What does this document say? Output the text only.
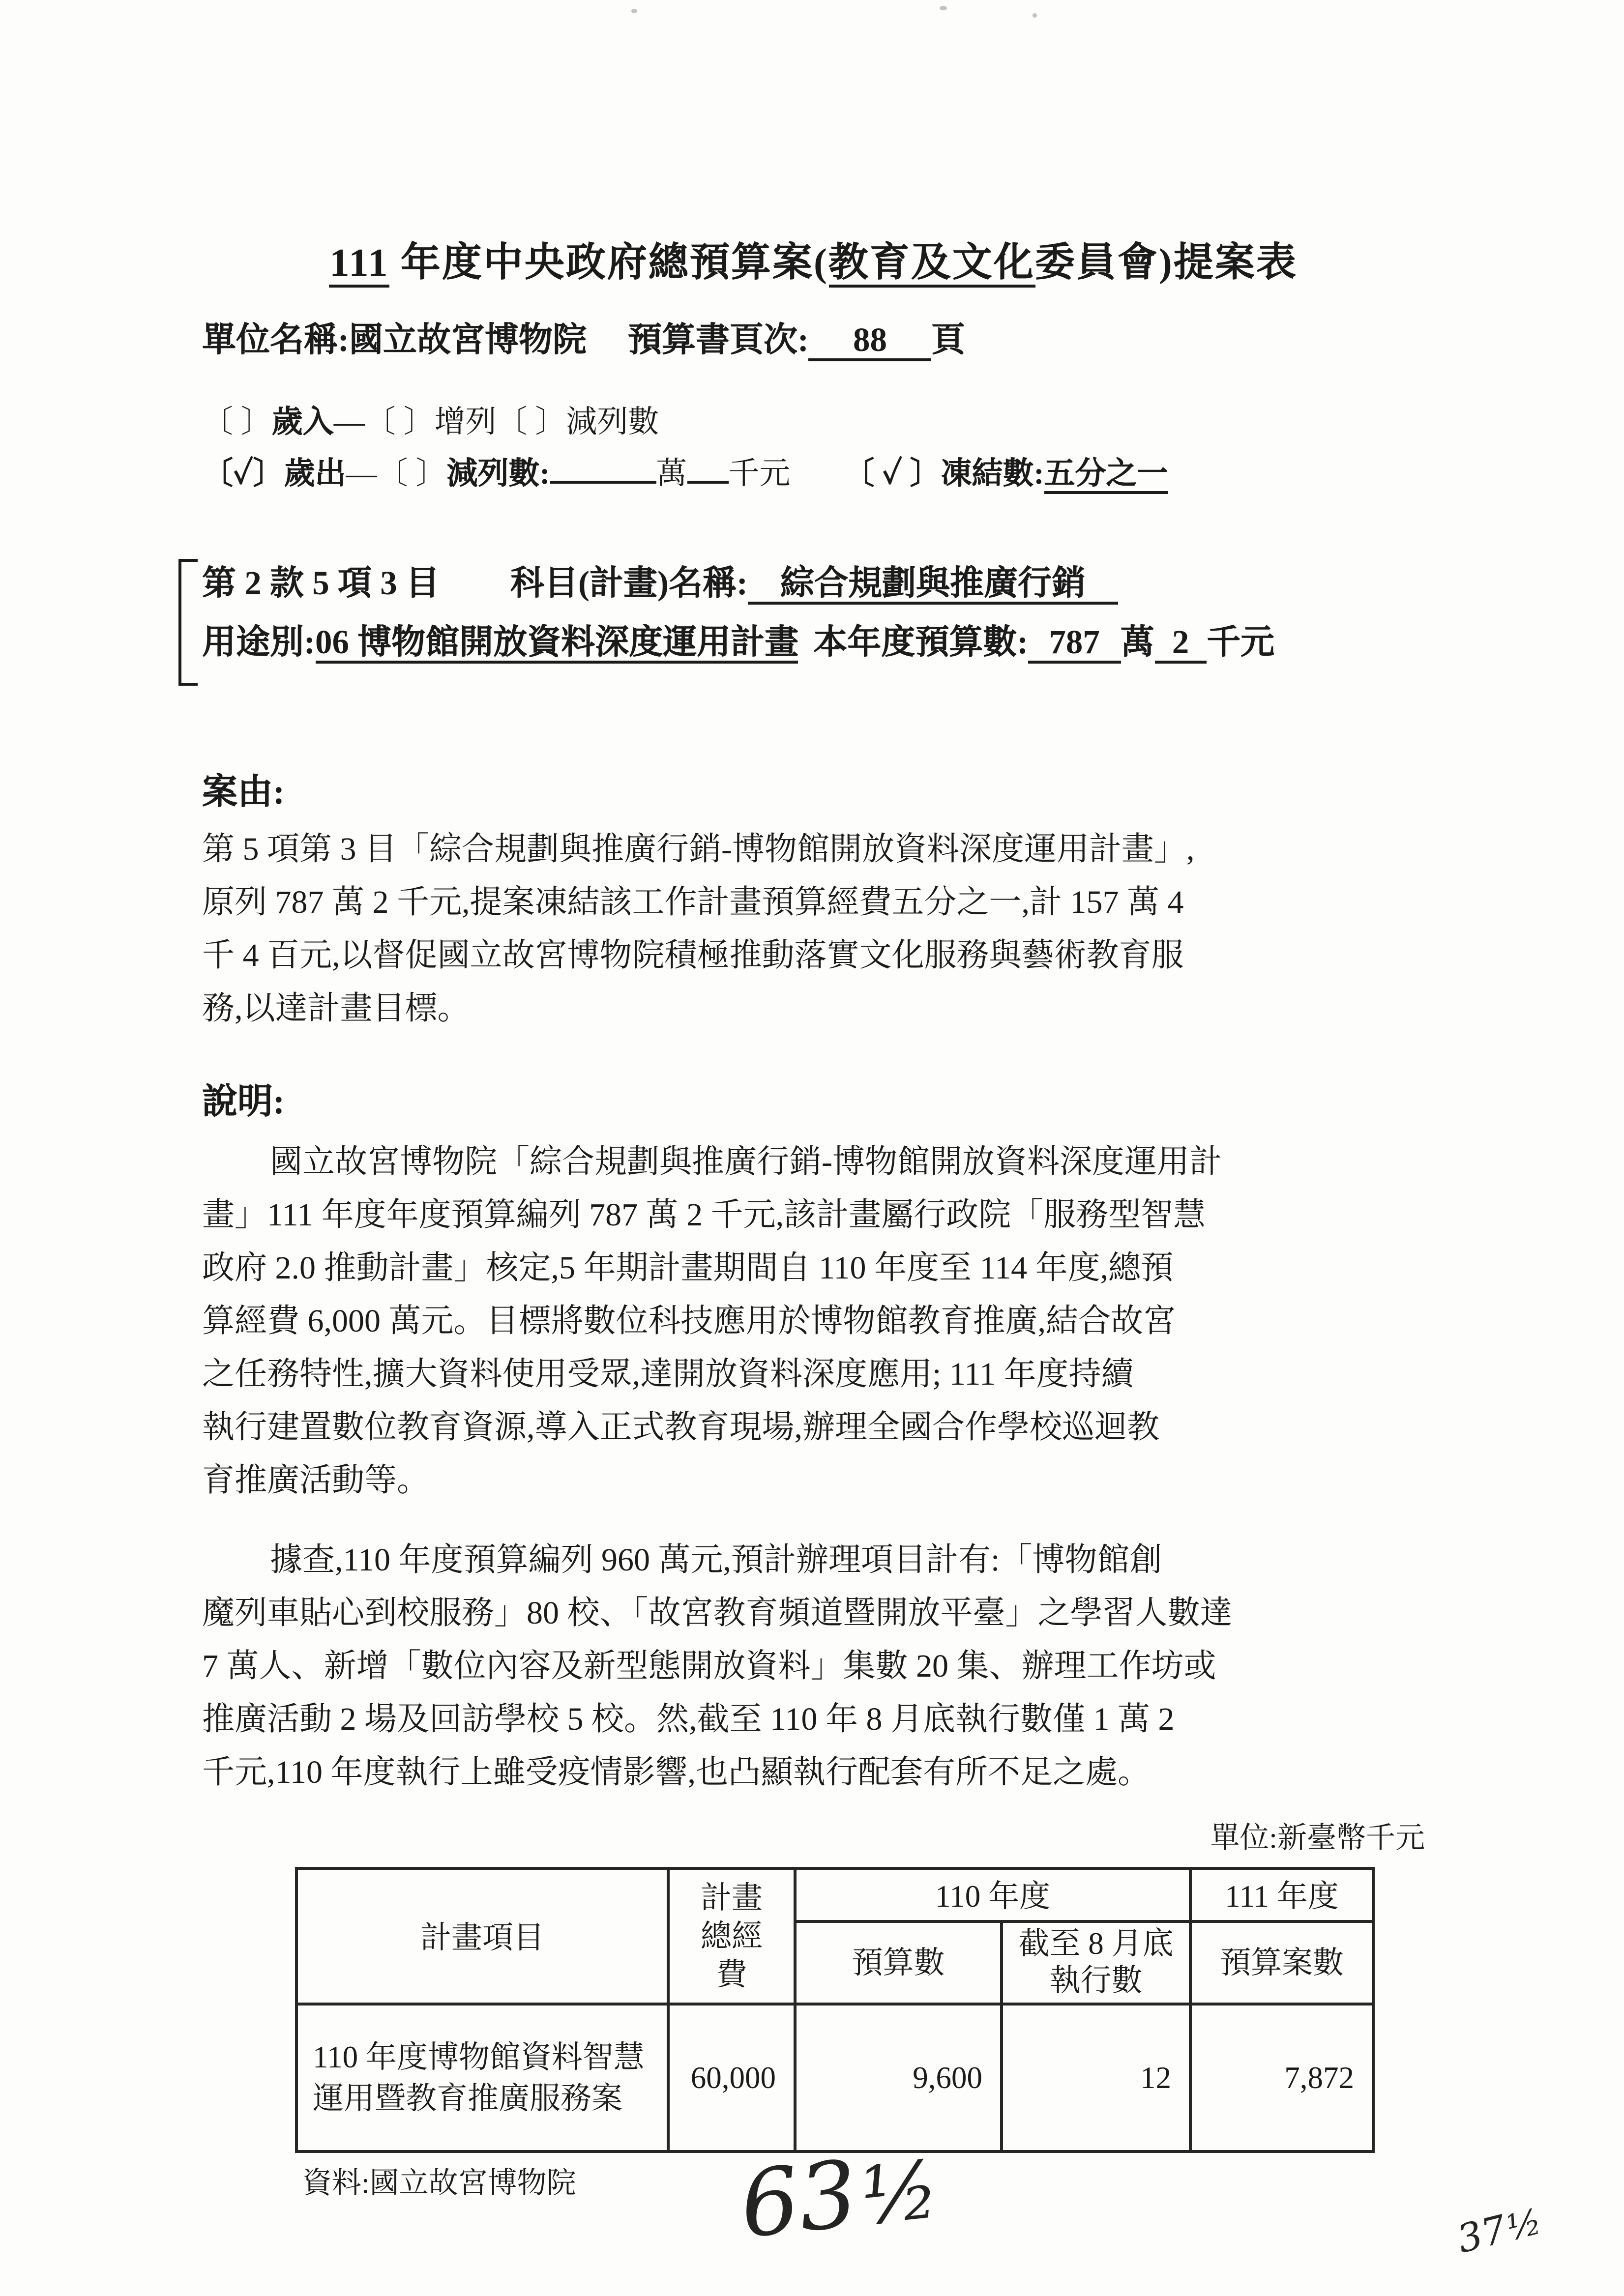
111 年度中央政府總預算案(教育及文化委員會)提案表
單位名稱:國立故宮博物院	預算書頁次:	88	頁
〔 〕歲入—〔 〕增列〔 〕減列數
〔✓〕歲出—〔 〕減列數:	萬	千元	〔 ✓ 〕凍結數:五分之一
第 2 款 5 項 3 目	科目(計畫)名稱:	綜合規劃與推廣行銷
用途別:06 博物館開放資料深度運用計畫 本年度預算數: 787 萬 2 千元
案由:
第 5 項第 3 目「綜合規劃與推廣行銷-博物館開放資料深度運用計畫」,
原列 787 萬 2 千元,提案凍結該工作計畫預算經費五分之一,計 157 萬 4
千 4 百元,以督促國立故宮博物院積極推動落實文化服務與藝術教育服
務,以達計畫目標。
說明:
國立故宮博物院「綜合規劃與推廣行銷-博物館開放資料深度運用計
畫」111 年度年度預算編列 787 萬 2 千元,該計畫屬行政院「服務型智慧
政府 2.0 推動計畫」核定,5 年期計畫期間自 110 年度至 114 年度,總預
算經費 6,000 萬元。目標將數位科技應用於博物館教育推廣,結合故宮
之任務特性,擴大資料使用受眾,達開放資料深度應用; 111 年度持續
執行建置數位教育資源,導入正式教育現場,辦理全國合作學校巡迴教
育推廣活動等。
據查,110 年度預算編列 960 萬元,預計辦理項目計有:「博物館創
魔列車貼心到校服務」80 校、「故宮教育頻道暨開放平臺」之學習人數達
7 萬人、新增「數位內容及新型態開放資料」集數 20 集、辦理工作坊或
推廣活動 2 場及回訪學校 5 校。然,截至 110 年 8 月底執行數僅 1 萬 2
千元,110 年度執行上雖受疫情影響,也凸顯執行配套有所不足之處。
單位:新臺幣千元
計畫項目	計畫總經費	110 年度		111 年度
		預算數	截至 8 月底執行數	預算案數
110 年度博物館資料智慧運用暨教育推廣服務案	60,000	9,600	12	7,872
資料:國立故宮博物院	63½	37½
